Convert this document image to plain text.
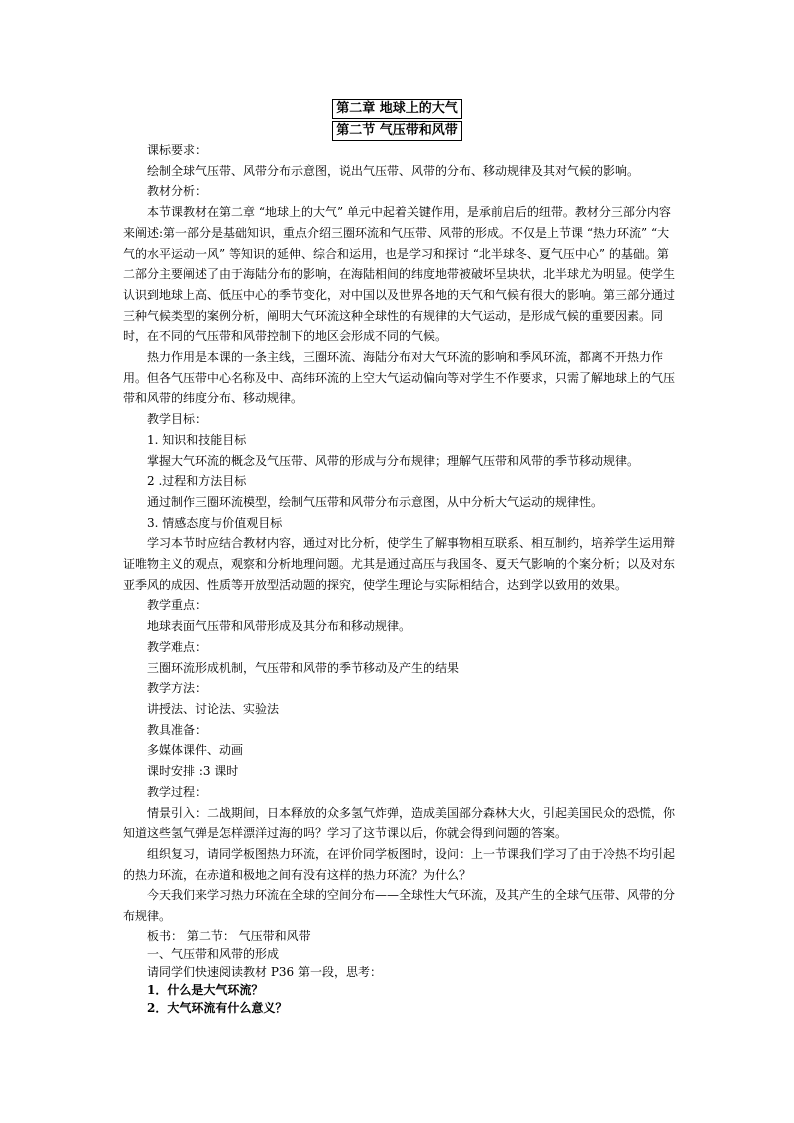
第二章 地球上的大气
第二节 气压带和风带

课标要求：

绘制全球气压带、风带分布示意图，说出气压带、风带的分布、移动规律及其对气候的影响。

教材分析：

本节课教材在第二章 “地球上的大气” 单元中起着关键作用，是承前启后的纽带。教材分三部分内容来阐述:第一部分是基础知识，重点介绍三圈环流和气压带、风带的形成。不仅是上节课 “热力环流” “大气的水平运动一风” 等知识的延伸、综合和运用，也是学习和探讨 “北半球冬、夏气压中心” 的基础。第二部分主要阐述了由于海陆分布的影响，在海陆相间的纬度地带被破坏呈块状，北半球尤为明显。使学生认识到地球上高、低压中心的季节变化，对中国以及世界各地的天气和气候有很大的影响。第三部分通过三种气候类型的案例分析，阐明大气环流这种全球性的有规律的大气运动，是形成气候的重要因素。同时，在不同的气压带和风带控制下的地区会形成不同的气候。

热力作用是本课的一条主线，三圈环流、海陆分布对大气环流的影响和季风环流，都离不开热力作用。但各气压带中心名称及中、高纬环流的上空大气运动偏向等对学生不作要求，只需了解地球上的气压带和风带的纬度分布、移动规律。

教学目标：

1. 知识和技能目标

掌握大气环流的概念及气压带、风带的形成与分布规律；理解气压带和风带的季节移动规律。

2 .过程和方法目标

通过制作三圈环流模型，绘制气压带和风带分布示意图，从中分析大气运动的规律性。

3. 情感态度与价值观目标

学习本节时应结合教材内容，通过对比分析，使学生了解事物相互联系、相互制约，培养学生运用辩证唯物主义的观点，观察和分析地理问题。尤其是通过高压与我国冬、夏天气影响的个案分析；以及对东亚季风的成因、性质等开放型活动题的探究，使学生理论与实际相结合，达到学以致用的效果。

教学重点：

地球表面气压带和风带形成及其分布和移动规律。

教学难点：

三圈环流形成机制，气压带和风带的季节移动及产生的结果

教学方法：

讲授法、讨论法、实验法

教具准备：

多媒体课件、动画

课时安排 :3 课时

教学过程：

情景引入：二战期间，日本释放的众多氢气炸弹，造成美国部分森林大火，引起美国民众的恐慌，你知道这些氢气弹是怎样漂洋过海的吗？学习了这节课以后，你就会得到问题的答案。

组织复习，请同学板图热力环流，在评价同学板图时，设问：上一节课我们学习了由于冷热不均引起的热力环流，在赤道和极地之间有没有这样的热力环流？为什么？

今天我们来学习热力环流在全球的空间分布——全球性大气环流，及其产生的全球气压带、风带的分布规律。

板书： 第二节： 气压带和风带

一、气压带和风带的形成

请同学们快速阅读教材 P36 第一段，思考：

1．什么是大气环流？

2．大气环流有什么意义？
